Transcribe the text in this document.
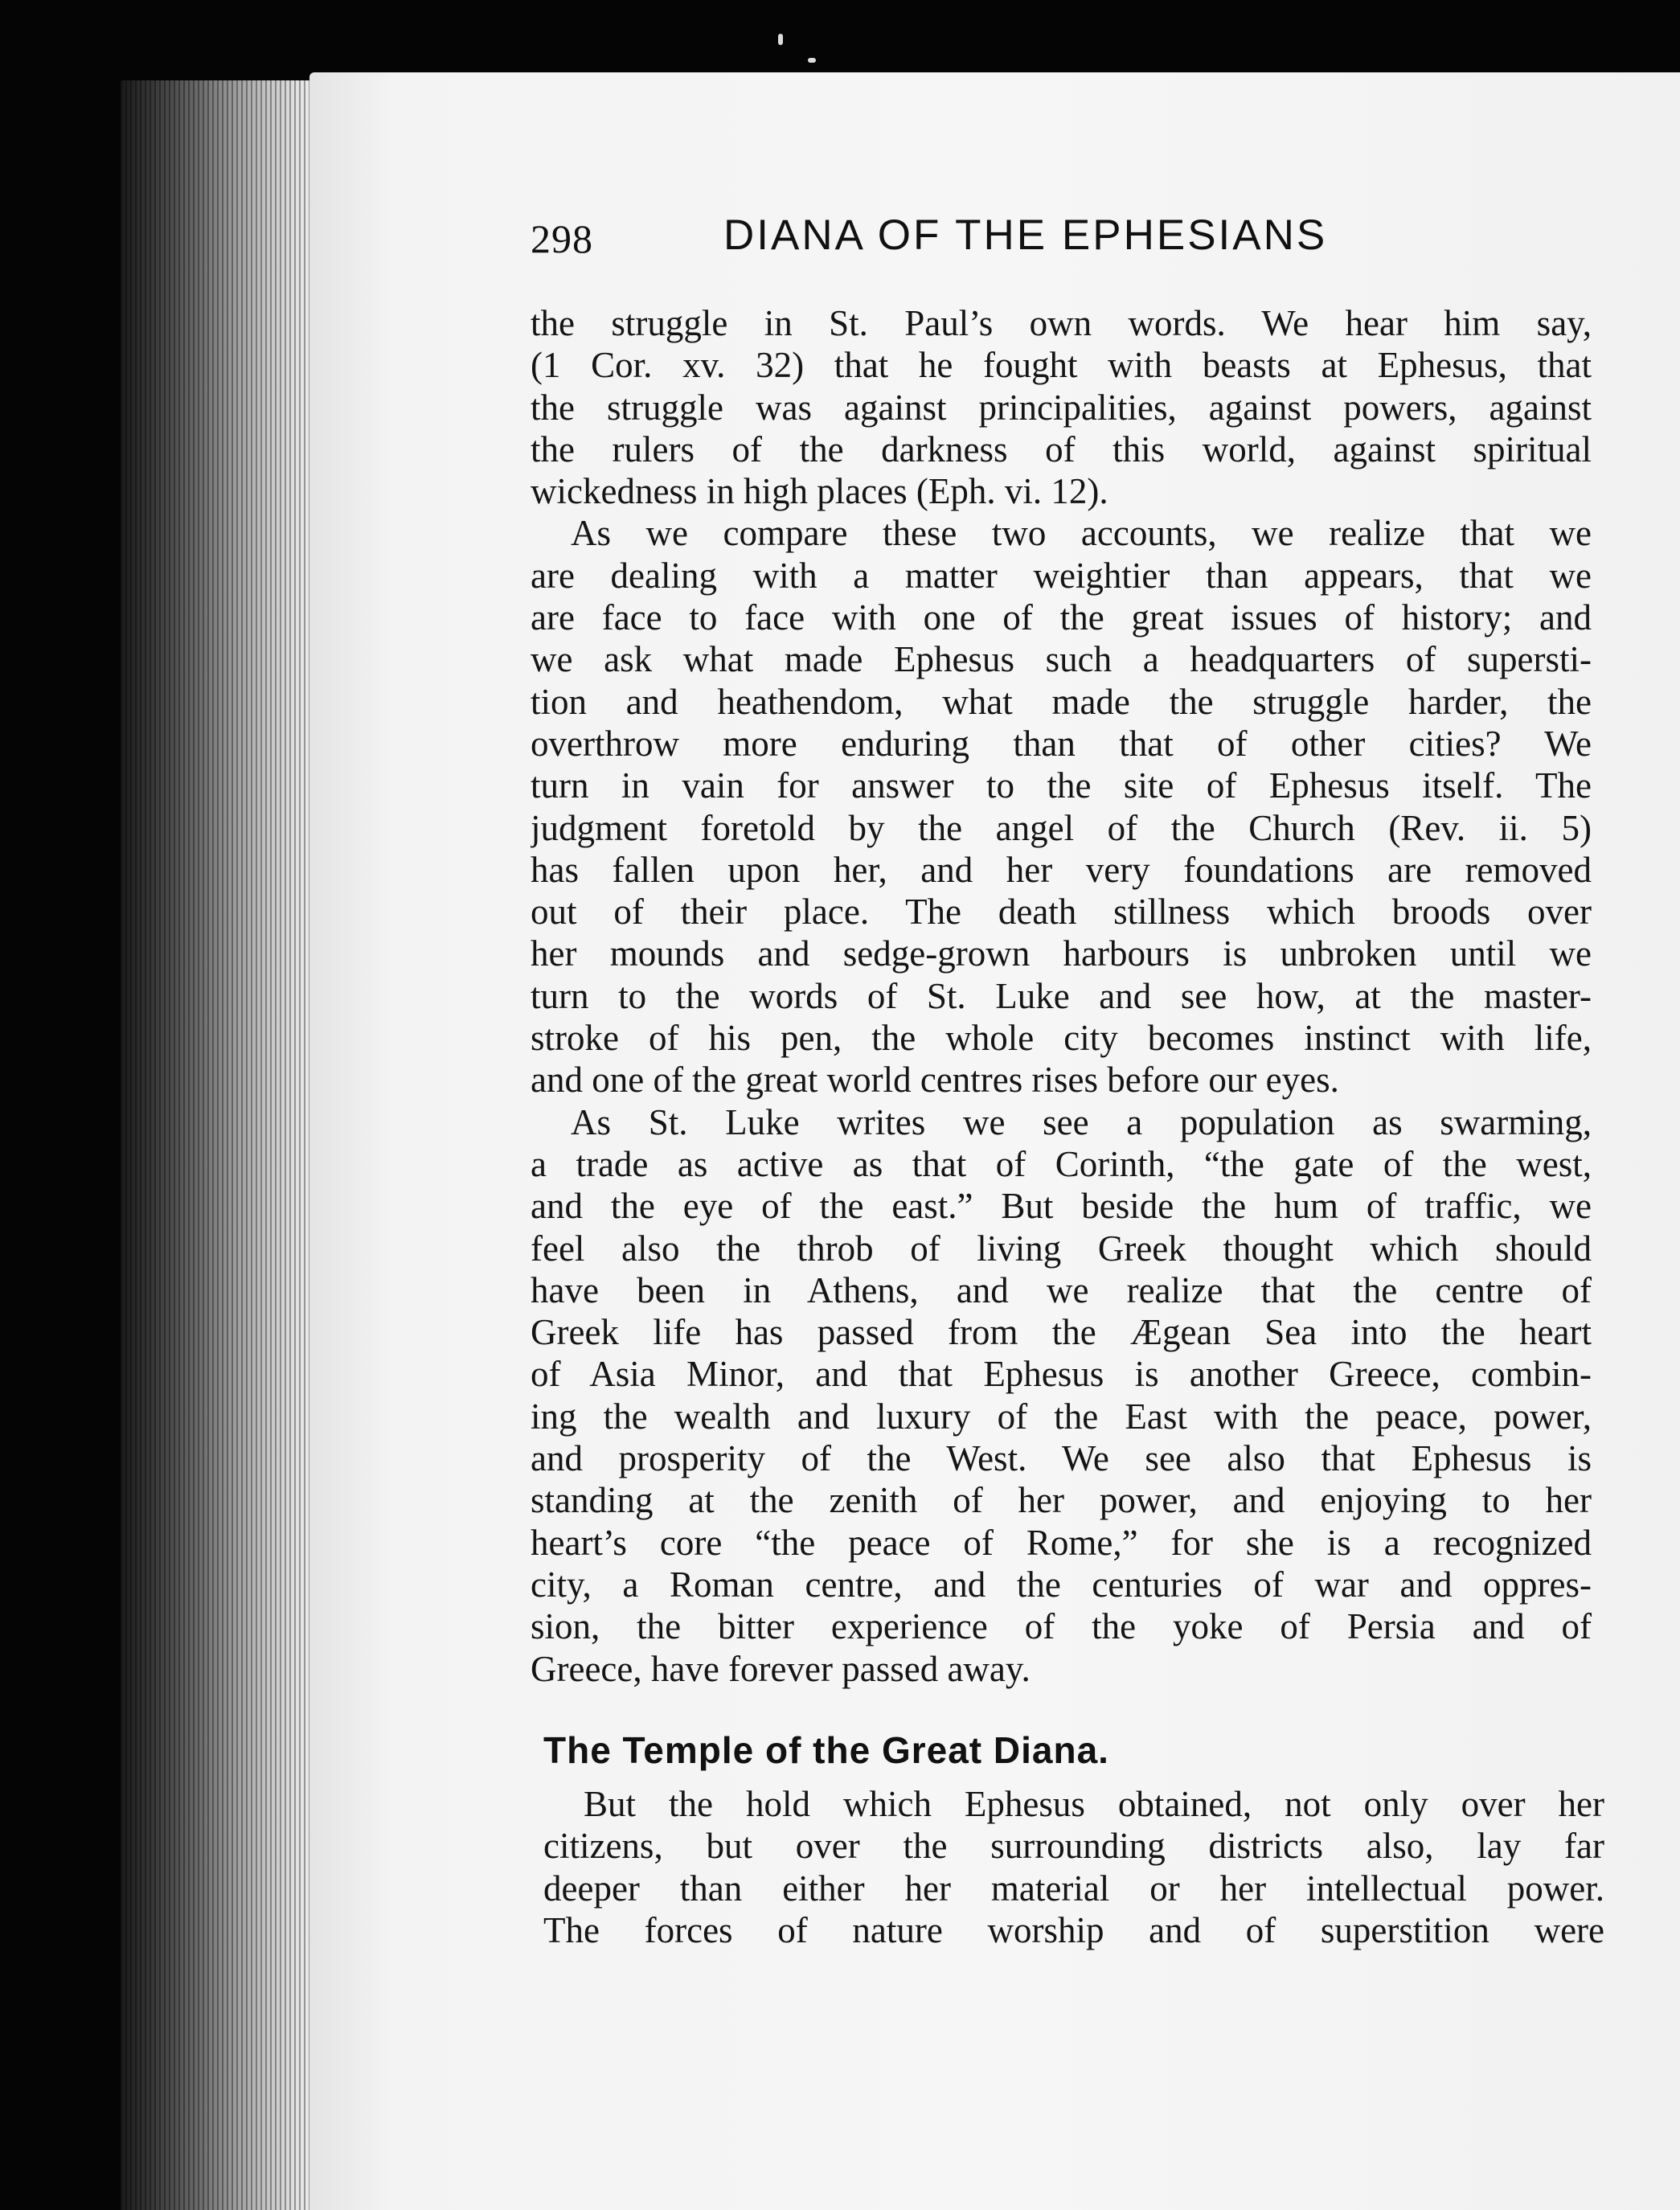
298	DIANA OF THE EPHESIANS
the struggle in St. Paul’s own words. We hear him say,
(1 Cor. xv. 32) that he fought with beasts at Ephesus, that
the struggle was against principalities, against powers, against
the rulers of the darkness of this world, against spiritual
wickedness in high places (Eph. vi. 12).
As we compare these two accounts, we realize that we
are dealing with a matter weightier than appears, that we
are face to face with one of the great issues of history; and
we ask what made Ephesus such a headquarters of supersti-
tion and heathendom, what made the struggle harder, the
overthrow more enduring than that of other cities? We
turn in vain for answer to the site of Ephesus itself. The
judgment foretold by the angel of the Church (Rev. ii. 5)
has fallen upon her, and her very foundations are removed
out of their place. The death stillness which broods over
her mounds and sedge-grown harbours is unbroken until we
turn to the words of St. Luke and see how, at the master-
stroke of his pen, the whole city becomes instinct with life,
and one of the great world centres rises before our eyes.
As St. Luke writes we see a population as swarming,
a trade as active as that of Corinth, “the gate of the west,
and the eye of the east.” But beside the hum of traffic, we
feel also the throb of living Greek thought which should
have been in Athens, and we realize that the centre of
Greek life has passed from the Ægean Sea into the heart
of Asia Minor, and that Ephesus is another Greece, combin-
ing the wealth and luxury of the East with the peace, power,
and prosperity of the West. We see also that Ephesus is
standing at the zenith of her power, and enjoying to her
heart’s core “the peace of Rome,” for she is a recognized
city, a Roman centre, and the centuries of war and oppres-
sion, the bitter experience of the yoke of Persia and of
Greece, have forever passed away.
The Temple of the Great Diana.
But the hold which Ephesus obtained, not only over her
citizens, but over the surrounding districts also, lay far
deeper than either her material or her intellectual power.
The forces of nature worship and of superstition were
